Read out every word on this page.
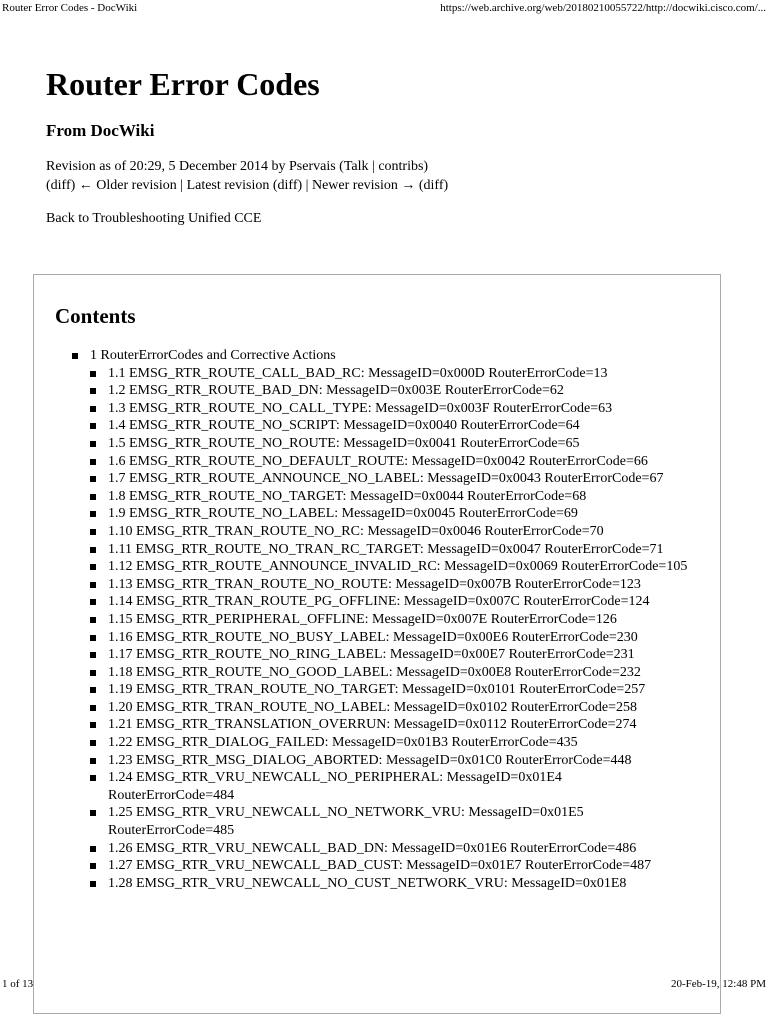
Router Error Codes - DocWiki	https://web.archive.org/web/20180210055722/http://docwiki.cisco.com/...
Router Error Codes
From DocWiki

Revision as of 20:29, 5 December 2014 by Pservais (Talk | contribs)
(diff) ← Older revision | Latest revision (diff) | Newer revision → (diff)

Back to Troubleshooting Unified CCE

Contents
1 RouterErrorCodes and Corrective Actions
1.1 EMSG_RTR_ROUTE_CALL_BAD_RC: MessageID=0x000D RouterErrorCode=13
1.2 EMSG_RTR_ROUTE_BAD_DN: MessageID=0x003E RouterErrorCode=62
1.3 EMSG_RTR_ROUTE_NO_CALL_TYPE: MessageID=0x003F RouterErrorCode=63
1.4 EMSG_RTR_ROUTE_NO_SCRIPT: MessageID=0x0040 RouterErrorCode=64
1.5 EMSG_RTR_ROUTE_NO_ROUTE: MessageID=0x0041 RouterErrorCode=65
1.6 EMSG_RTR_ROUTE_NO_DEFAULT_ROUTE: MessageID=0x0042 RouterErrorCode=66
1.7 EMSG_RTR_ROUTE_ANNOUNCE_NO_LABEL: MessageID=0x0043 RouterErrorCode=67
1.8 EMSG_RTR_ROUTE_NO_TARGET: MessageID=0x0044 RouterErrorCode=68
1.9 EMSG_RTR_ROUTE_NO_LABEL: MessageID=0x0045 RouterErrorCode=69
1.10 EMSG_RTR_TRAN_ROUTE_NO_RC: MessageID=0x0046 RouterErrorCode=70
1.11 EMSG_RTR_ROUTE_NO_TRAN_RC_TARGET: MessageID=0x0047 RouterErrorCode=71
1.12 EMSG_RTR_ROUTE_ANNOUNCE_INVALID_RC: MessageID=0x0069 RouterErrorCode=105
1.13 EMSG_RTR_TRAN_ROUTE_NO_ROUTE: MessageID=0x007B RouterErrorCode=123
1.14 EMSG_RTR_TRAN_ROUTE_PG_OFFLINE: MessageID=0x007C RouterErrorCode=124
1.15 EMSG_RTR_PERIPHERAL_OFFLINE: MessageID=0x007E RouterErrorCode=126
1.16 EMSG_RTR_ROUTE_NO_BUSY_LABEL: MessageID=0x00E6 RouterErrorCode=230
1.17 EMSG_RTR_ROUTE_NO_RING_LABEL: MessageID=0x00E7 RouterErrorCode=231
1.18 EMSG_RTR_ROUTE_NO_GOOD_LABEL: MessageID=0x00E8 RouterErrorCode=232
1.19 EMSG_RTR_TRAN_ROUTE_NO_TARGET: MessageID=0x0101 RouterErrorCode=257
1.20 EMSG_RTR_TRAN_ROUTE_NO_LABEL: MessageID=0x0102 RouterErrorCode=258
1.21 EMSG_RTR_TRANSLATION_OVERRUN: MessageID=0x0112 RouterErrorCode=274
1.22 EMSG_RTR_DIALOG_FAILED: MessageID=0x01B3 RouterErrorCode=435
1.23 EMSG_RTR_MSG_DIALOG_ABORTED: MessageID=0x01C0 RouterErrorCode=448
1.24 EMSG_RTR_VRU_NEWCALL_NO_PERIPHERAL: MessageID=0x01E4 RouterErrorCode=484
1.25 EMSG_RTR_VRU_NEWCALL_NO_NETWORK_VRU: MessageID=0x01E5 RouterErrorCode=485
1.26 EMSG_RTR_VRU_NEWCALL_BAD_DN: MessageID=0x01E6 RouterErrorCode=486
1.27 EMSG_RTR_VRU_NEWCALL_BAD_CUST: MessageID=0x01E7 RouterErrorCode=487
1.28 EMSG_RTR_VRU_NEWCALL_NO_CUST_NETWORK_VRU: MessageID=0x01E8
1 of 13	20-Feb-19, 12:48 PM
